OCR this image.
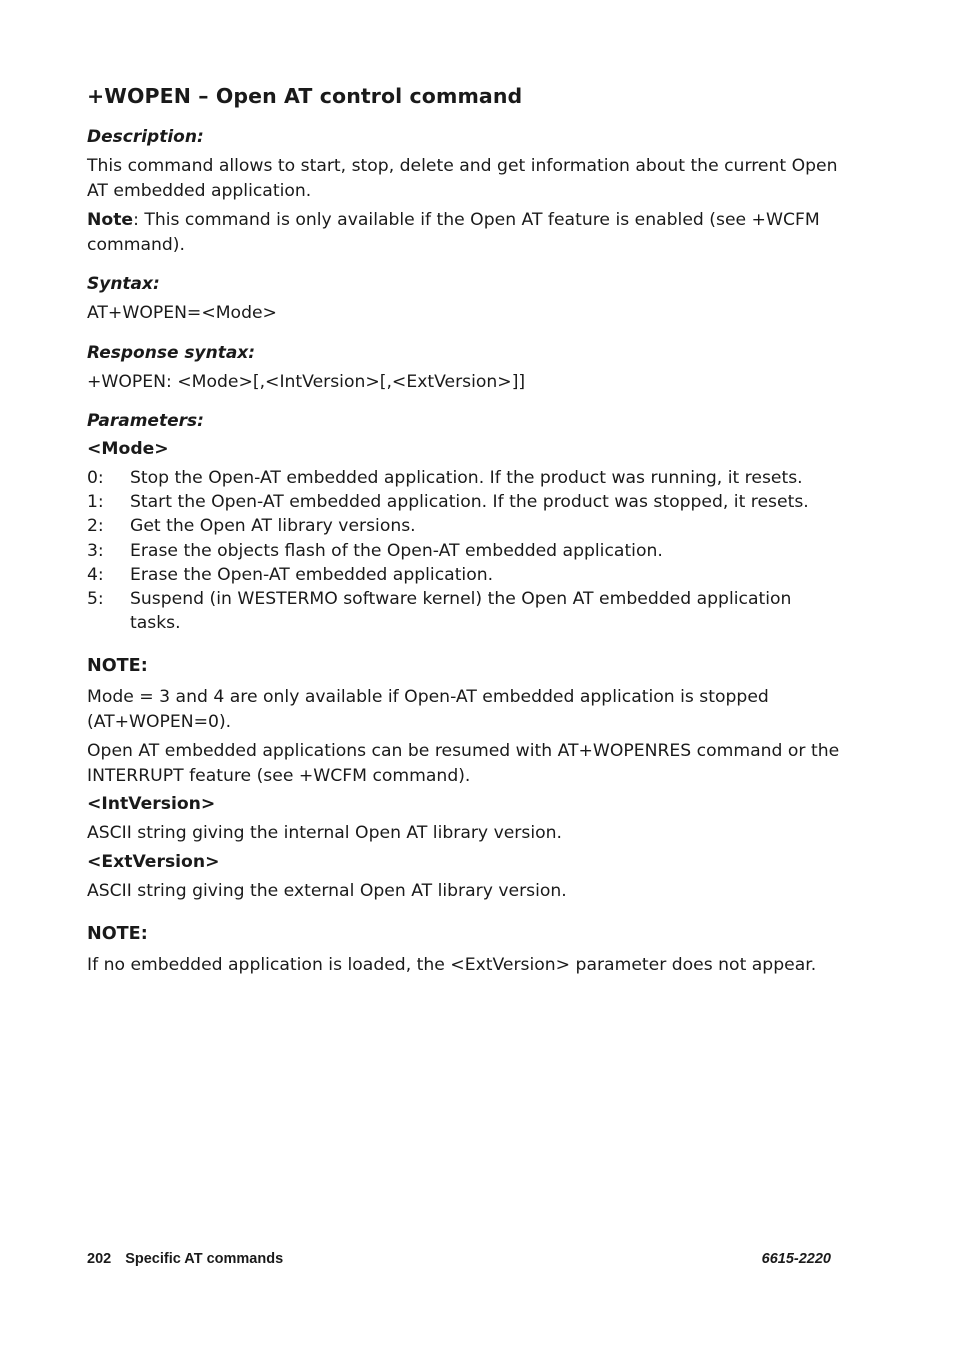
+WOPEN – Open AT control command
Description:

This command allows to start, stop, delete and get information about the current Open AT embedded application.

Note: This command is only available if the Open AT feature is enabled (see +WCFM command).

Syntax:

AT+WOPEN=<Mode>

Response syntax:

+WOPEN: <Mode>[,<IntVersion>[,<ExtVersion>]]

Parameters:
<Mode>
0:	Stop the Open-AT embedded application. If the product was running, it resets.
1:	Start the Open-AT embedded application. If the product was stopped, it resets.
2:	Get the Open AT library versions.
3:	Erase the objects flash of the Open-AT embedded application.
4:	Erase the Open-AT embedded application.
5:	Suspend (in WESTERMO software kernel) the Open AT embedded application tasks.
NOTE:

Mode = 3 and 4 are only available if Open-AT embedded application is stopped (AT+WOPEN=0).

Open AT embedded applications can be resumed with AT+WOPENRES command or the INTERRUPT feature (see +WCFM command).

<IntVersion>

ASCII string giving the internal Open AT library version.

<ExtVersion>

ASCII string giving the external Open AT library version.

NOTE:

If no embedded application is loaded, the <ExtVersion> parameter does not appear.

202 Specific AT commands	6615-2220
